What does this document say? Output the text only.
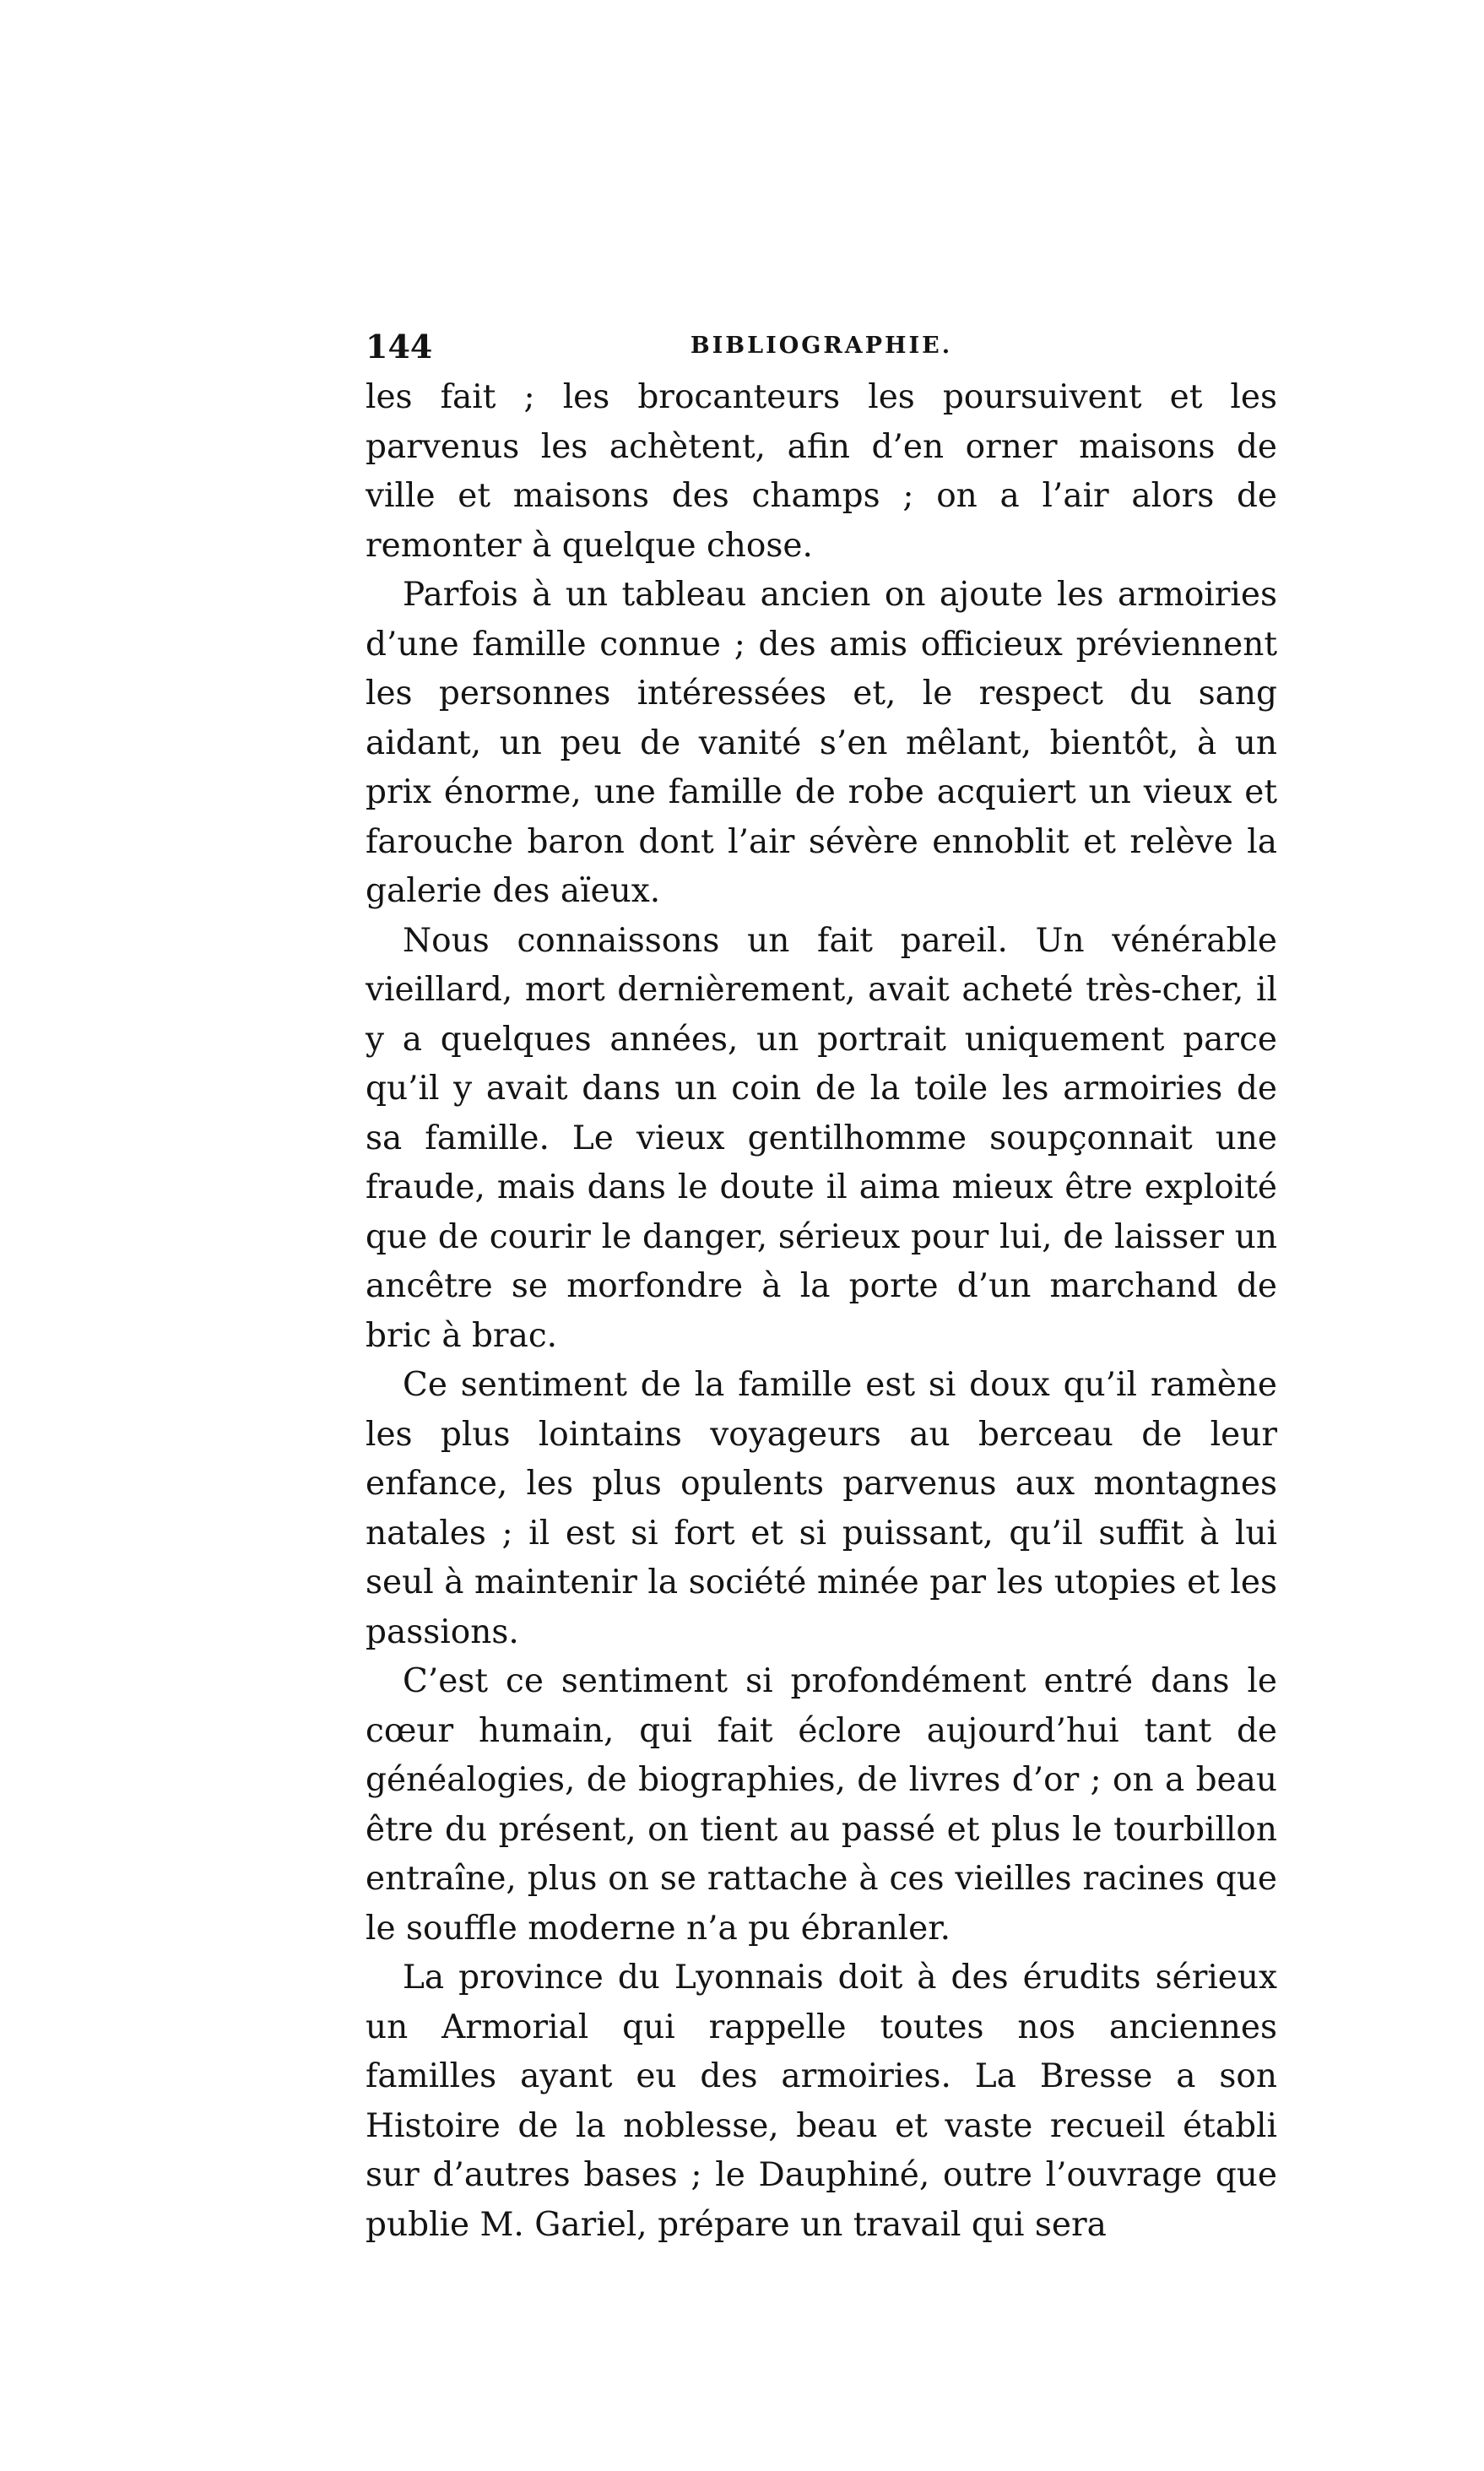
144	BIBLIOGRAPHIE.

les fait ; les brocanteurs les poursuivent et les parvenus les achètent, afin d’en orner maisons de ville et maisons des champs ; on a l’air alors de remonter à quelque chose.

Parfois à un tableau ancien on ajoute les armoiries d’une famille connue ; des amis officieux préviennent les personnes intéressées et, le respect du sang aidant, un peu de vanité s’en mêlant, bientôt, à un prix énorme, une famille de robe acquiert un vieux et farouche baron dont l’air sévère ennoblit et relève la galerie des aïeux.

Nous connaissons un fait pareil. Un vénérable vieillard, mort dernièrement, avait acheté très-cher, il y a quelques années, un portrait uniquement parce qu’il y avait dans un coin de la toile les armoiries de sa famille. Le vieux gentilhomme soupçonnait une fraude, mais dans le doute il aima mieux être exploité que de courir le danger, sérieux pour lui, de laisser un ancêtre se morfondre à la porte d’un marchand de bric à brac.

Ce sentiment de la famille est si doux qu’il ramène les plus lointains voyageurs au berceau de leur enfance, les plus opulents parvenus aux montagnes natales ; il est si fort et si puissant, qu’il suffit à lui seul à maintenir la société minée par les utopies et les passions.

C’est ce sentiment si profondément entré dans le cœur humain, qui fait éclore aujourd’hui tant de généalogies, de biographies, de livres d’or ; on a beau être du présent, on tient au passé et plus le tourbillon entraîne, plus on se rattache à ces vieilles racines que le souffle moderne n’a pu ébranler.

La province du Lyonnais doit à des érudits sérieux un Armorial qui rappelle toutes nos anciennes familles ayant eu des armoiries. La Bresse a son Histoire de la noblesse, beau et vaste recueil établi sur d’autres bases ; le Dauphiné, outre l’ouvrage que publie M. Gariel, prépare un travail qui sera
